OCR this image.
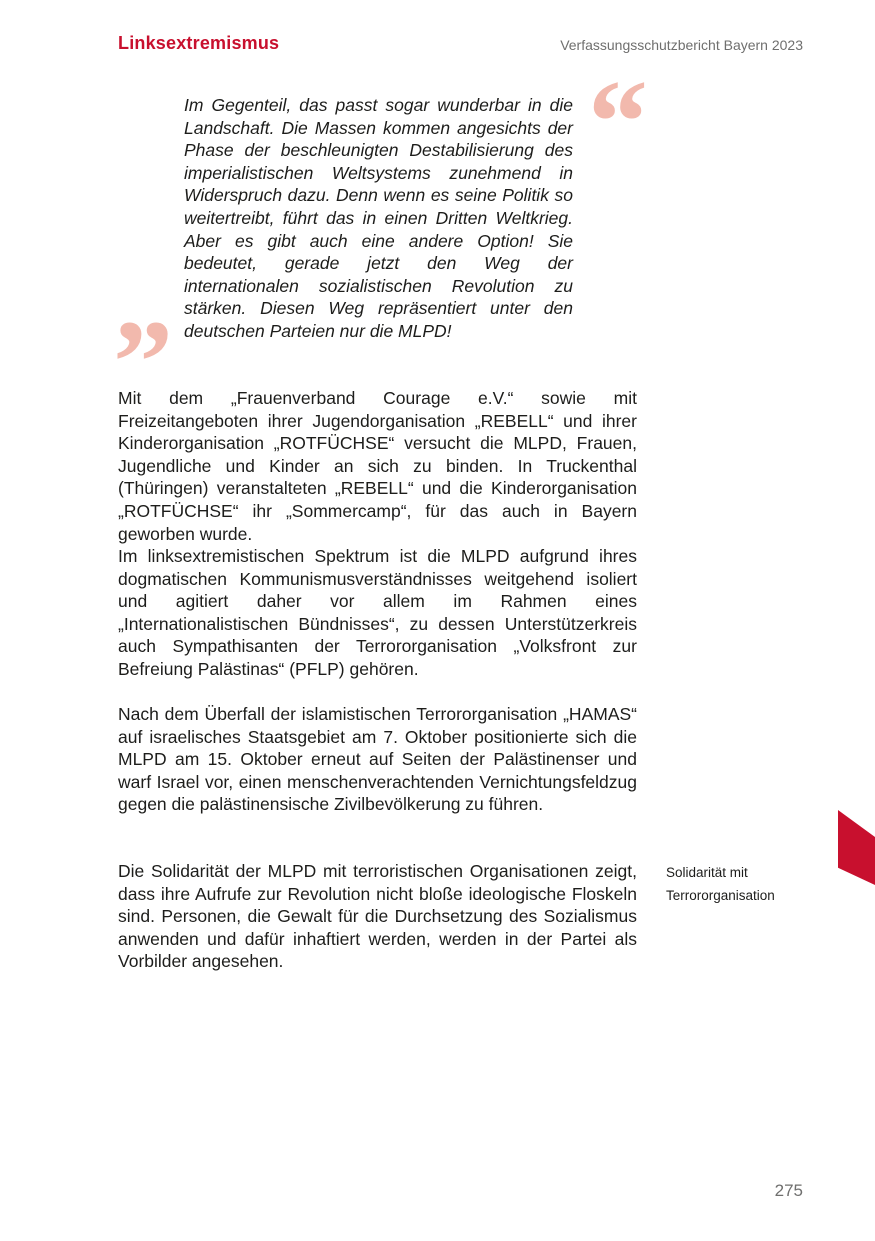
Linksextremismus	Verfassungsschutzbericht Bayern 2023
“

Im Gegenteil, das passt sogar wunderbar in die Landschaft. Die Massen kommen angesichts der Phase der beschleunigten Destabilisierung des imperialistischen Weltsystems zunehmend in Widerspruch dazu. Denn wenn es seine Politik so weitertreibt, führt das in einen Dritten Weltkrieg. Aber es gibt auch eine andere Option! Sie bedeutet, gerade jetzt den Weg der internationalen sozialistischen Revolution zu stärken. Diesen Weg repräsentiert unter den deutschen Parteien nur die MLPD!

”

Mit dem „Frauenverband Courage e.V.“ sowie mit Freizeitangeboten ihrer Jugendorganisation „REBELL“ und ihrer Kinderorganisation „ROTFÜCHSE“ versucht die MLPD, Frauen, Jugendliche und Kinder an sich zu binden. In Truckenthal (Thüringen) veranstalteten „REBELL“ und die Kinderorganisation „ROTFÜCHSE“ ihr „Sommercamp“, für das auch in Bayern geworben wurde.

Im linksextremistischen Spektrum ist die MLPD aufgrund ihres dogmatischen Kommunismusverständnisses weitgehend isoliert und agitiert daher vor allem im Rahmen eines „Internationalistischen Bündnisses“, zu dessen Unterstützerkreis auch Sympathisanten der Terrororganisation „Volksfront zur Befreiung Palästinas“ (PFLP) gehören.

Nach dem Überfall der islamistischen Terrororganisation „HAMAS“ auf israelisches Staatsgebiet am 7. Oktober positionierte sich die MLPD am 15. Oktober erneut auf Seiten der Palästinenser und warf Israel vor, einen menschenverachtenden Vernichtungsfeldzug gegen die palästinensische Zivilbevölkerung zu führen.

Die Solidarität der MLPD mit terroristischen Organisationen zeigt, dass ihre Aufrufe zur Revolution nicht bloße ideologische Floskeln sind. Personen, die Gewalt für die Durchsetzung des Sozialismus anwenden und dafür inhaftiert werden, werden in der Partei als Vorbilder angesehen.

Solidarität mit
Terrororganisation
275
